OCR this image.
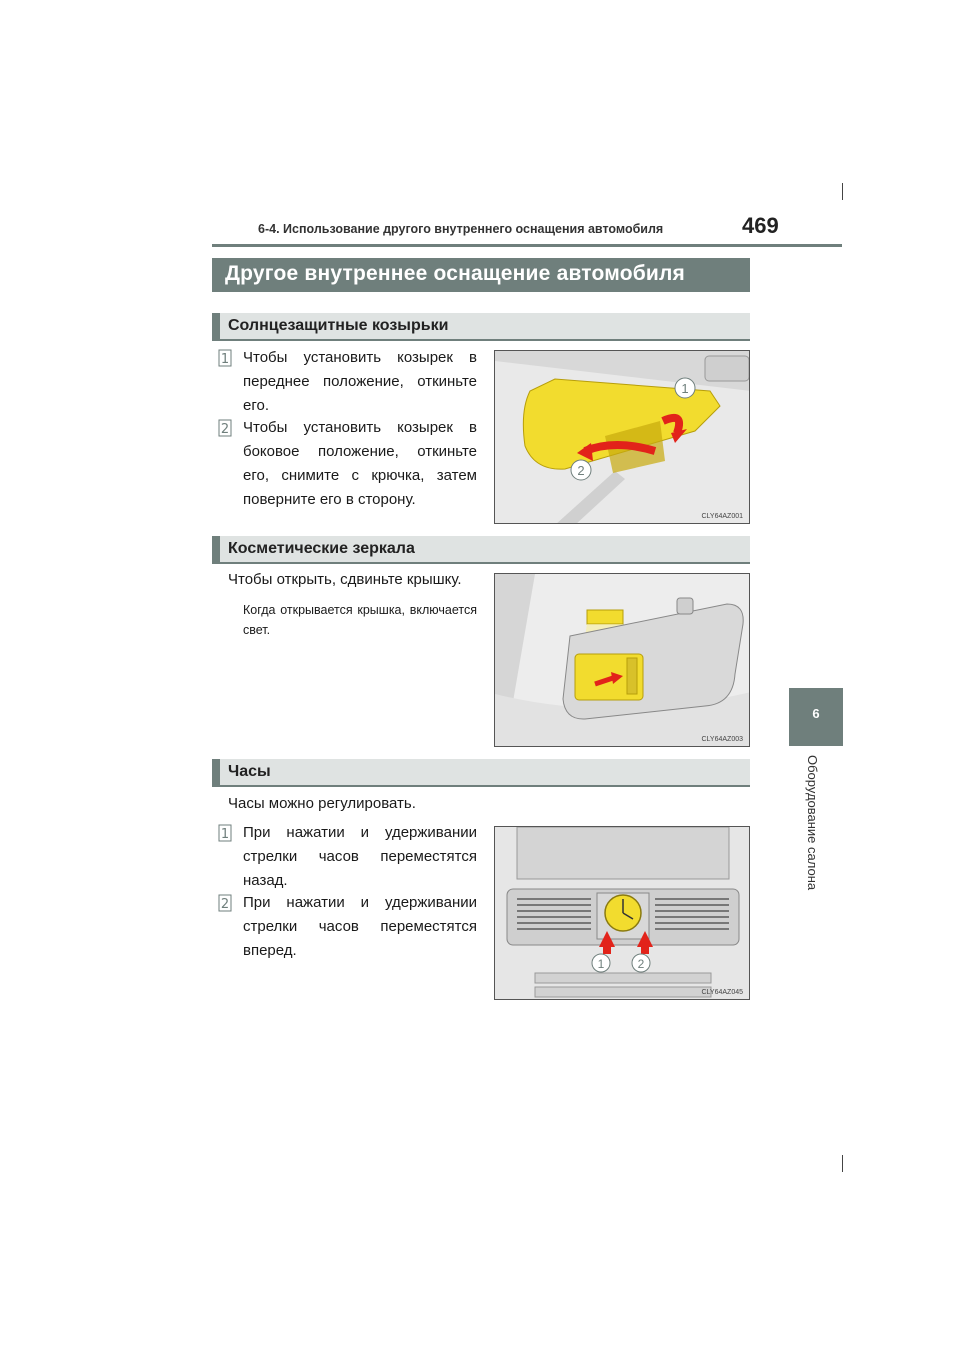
6-4. Использование другого внутреннего оснащения автомобиля	469
6
Оборудование салона
Другое внутреннее оснащение автомобиля
Солнцезащитные козырьки
1 Чтобы установить козырек в переднее положение, откиньте его.
2 Чтобы установить козырек в боковое положение, откиньте его, снимите с крючка, затем поверните его в сторону.
1
2
CLY64AZ001
Косметические зеркала
Чтобы открыть, сдвиньте крышку.
Когда открывается крышка, включается свет.
CLY64AZ003
Часы
Часы можно регулировать.
1 При нажатии и удерживании стрелки часов переместятся назад.
2 При нажатии и удерживании стрелки часов переместятся вперед.
1	2
CLY64AZ045
